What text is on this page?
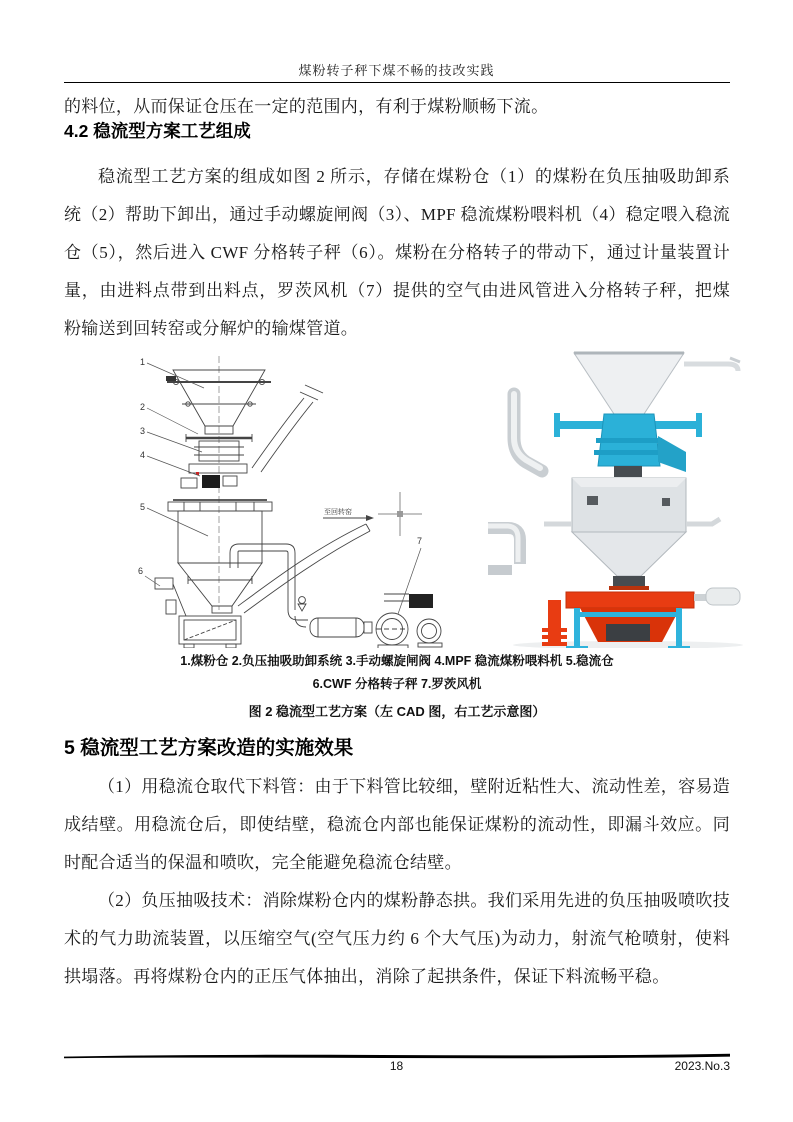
煤粉转子秤下煤不畅的技改实践
的料位，从而保证仓压在一定的范围内，有利于煤粉顺畅下流。
4.2 稳流型方案工艺组成
稳流型工艺方案的组成如图 2 所示，存储在煤粉仓（1）的煤粉在负压抽吸助卸系统（2）帮助下卸出，通过手动螺旋闸阀（3）、MPF 稳流煤粉喂料机（4）稳定喂入稳流仓（5），然后进入 CWF 分格转子秤（6）。煤粉在分格转子的带动下，通过计量装置计量，由进料点带到出料点，罗茨风机（7）提供的空气由进风管进入分格转子秤，把煤粉输送到回转窑或分解炉的输煤管道。
至回转窑
1
2
3
4
5
6
7
1.煤粉仓 2.负压抽吸助卸系统 3.手动螺旋闸阀 4.MPF 稳流煤粉喂料机 5.稳流仓
6.CWF 分格转子秤 7.罗茨风机
图 2 稳流型工艺方案（左 CAD 图，右工艺示意图）
5 稳流型工艺方案改造的实施效果
（1）用稳流仓取代下料管：由于下料管比较细，壁附近粘性大、流动性差，容易造成结壁。用稳流仓后，即使结壁，稳流仓内部也能保证煤粉的流动性，即漏斗效应。同时配合适当的保温和喷吹，完全能避免稳流仓结壁。
（2）负压抽吸技术：消除煤粉仓内的煤粉静态拱。我们采用先进的负压抽吸喷吹技术的气力助流装置，以压缩空气(空气压力约 6 个大气压)为动力，射流气枪喷射，使料拱塌落。再将煤粉仓内的正压气体抽出，消除了起拱条件，保证下料流畅平稳。
18	2023.No.3
